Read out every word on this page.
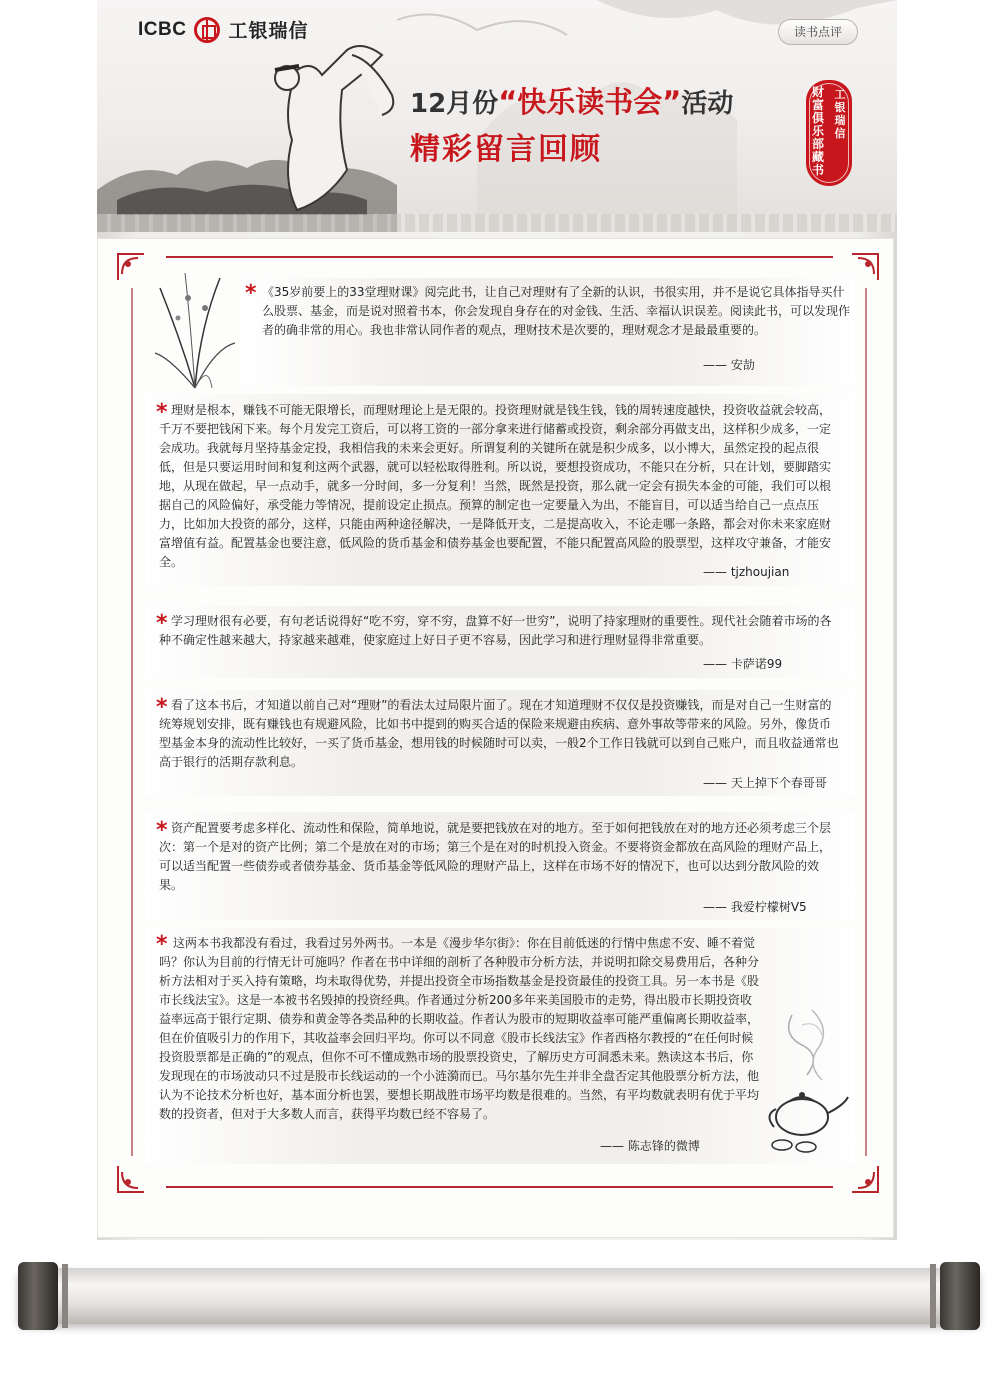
ICBC 工银瑞信	读书点评
12月份“快乐读书会”活动
精彩留言回顾
工银瑞信
财富俱乐部藏书
* 《35岁前要上的33堂理财课》阅完此书，让自己对理财有了全新的认识，书很实用，并不是说它具体指导买什么股票、基金，而是说对照着书本，你会发现自身存在的对金钱、生活、幸福认识误差。阅读此书，可以发现作者的确非常的用心。我也非常认同作者的观点，理财技术是次要的，理财观念才是最最重要的。
—— 安劼
* 理财是根本，赚钱不可能无限增长，而理财理论上是无限的。投资理财就是钱生钱，钱的周转速度越快，投资收益就会较高，千万不要把钱闲下来。每个月发完工资后，可以将工资的一部分拿来进行储蓄或投资，剩余部分再做支出，这样积少成多，一定会成功。我就每月坚持基金定投，我相信我的未来会更好。所谓复利的关键所在就是积少成多，以小博大，虽然定投的起点很低，但是只要运用时间和复利这两个武器，就可以轻松取得胜利。所以说，要想投资成功，不能只在分析，只在计划，要脚踏实地，从现在做起，早一点动手，就多一分时间，多一分复利！当然，既然是投资，那么就一定会有损失本金的可能，我们可以根据自己的风险偏好，承受能力等情况，提前设定止损点。预算的制定也一定要量入为出，不能盲目，可以适当给自己一点点压力，比如加大投资的部分，这样，只能由两种途径解决，一是降低开支，二是提高收入，不论走哪一条路，都会对你未来家庭财富增值有益。配置基金也要注意，低风险的货币基金和债券基金也要配置，不能只配置高风险的股票型，这样攻守兼备，才能安全。
—— tjzhoujian
* 学习理财很有必要，有句老话说得好“吃不穷，穿不穷，盘算不好一世穷”，说明了持家理财的重要性。现代社会随着市场的各种不确定性越来越大，持家越来越难，使家庭过上好日子更不容易，因此学习和进行理财显得非常重要。
—— 卡萨诺99
* 看了这本书后，才知道以前自己对“理财”的看法太过局限片面了。现在才知道理财不仅仅是投资赚钱，而是对自己一生财富的统筹规划安排，既有赚钱也有规避风险，比如书中提到的购买合适的保险来规避由疾病、意外事故等带来的风险。另外，像货币型基金本身的流动性比较好，一买了货币基金，想用钱的时候随时可以卖，一般2个工作日钱就可以到自己账户，而且收益通常也高于银行的活期存款利息。
—— 天上掉下个春哥哥
* 资产配置要考虑多样化、流动性和保险，简单地说，就是要把钱放在对的地方。至于如何把钱放在对的地方还必须考虑三个层次：第一个是对的资产比例；第二个是放在对的市场；第三个是在对的时机投入资金。不要将资金都放在高风险的理财产品上，可以适当配置一些债券或者债券基金、货币基金等低风险的理财产品上，这样在市场不好的情况下，也可以达到分散风险的效果。
—— 我爱柠檬树V5
* 这两本书我都没有看过，我看过另外两书。一本是《漫步华尔街》：你在目前低迷的行情中焦虑不安、睡不着觉吗？你认为目前的行情无计可施吗？作者在书中详细的剖析了各种股市分析方法，并说明扣除交易费用后，各种分析方法相对于买入持有策略，均未取得优势，并提出投资全市场指数基金是投资最佳的投资工具。另一本书是《股市长线法宝》。这是一本被书名毁掉的投资经典。作者通过分析200多年来美国股市的走势，得出股市长期投资收益率远高于银行定期、债券和黄金等各类品种的长期收益。作者认为股市的短期收益率可能严重偏离长期收益率，但在价值吸引力的作用下，其收益率会回归平均。你可以不同意《股市长线法宝》作者西格尔教授的“在任何时候投资股票都是正确的”的观点，但你不可不懂成熟市场的股票投资史，了解历史方可洞悉未来。熟读这本书后，你发现现在的市场波动只不过是股市长线运动的一个小涟漪而已。马尔基尔先生并非全盘否定其他股票分析方法，他认为不论技术分析也好，基本面分析也罢，要想长期战胜市场平均数是很难的。当然，有平均数就表明有优于平均数的投资者，但对于大多数人而言，获得平均数已经不容易了。
—— 陈志锋的微博
